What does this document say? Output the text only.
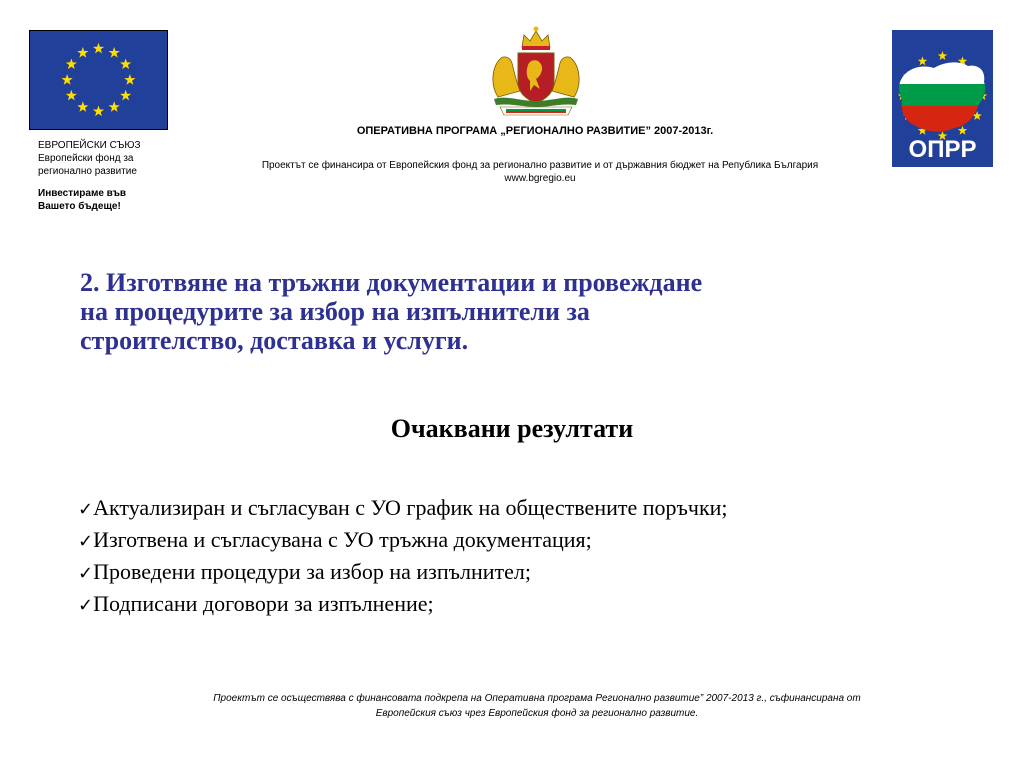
ЕВРОПЕЙСКИ СЪЮЗ
Европейски фонд за
регионално развитие
Инвестираме във
Вашето бъдеще!
ОПРР
ОПЕРАТИВНА ПРОГРАМА „РЕГИОНАЛНО РАЗВИТИЕ” 2007-2013г.
Проектът се финансира от Европейския фонд за регионално развитие и от държавния бюджет на Република България
www.bgregio.eu
2. Изготвяне на тръжни документации и провеждане
на процедурите за избор на изпълнители за
строителство, доставка и услуги.
Очаквани резултати
✓Актуализиран и съгласуван с УО график на обществените поръчки;
✓Изготвена и съгласувана с УО тръжна документация;
✓Проведени процедури за избор на изпълнител;
✓Подписани договори за изпълнение;
Проектът се осъществява с финансовата подкрепа на Оперативна програма Регионално развитие” 2007-2013 г., съфинансирана от
Европейския съюз чрез Европейския фонд за регионално развитие.
